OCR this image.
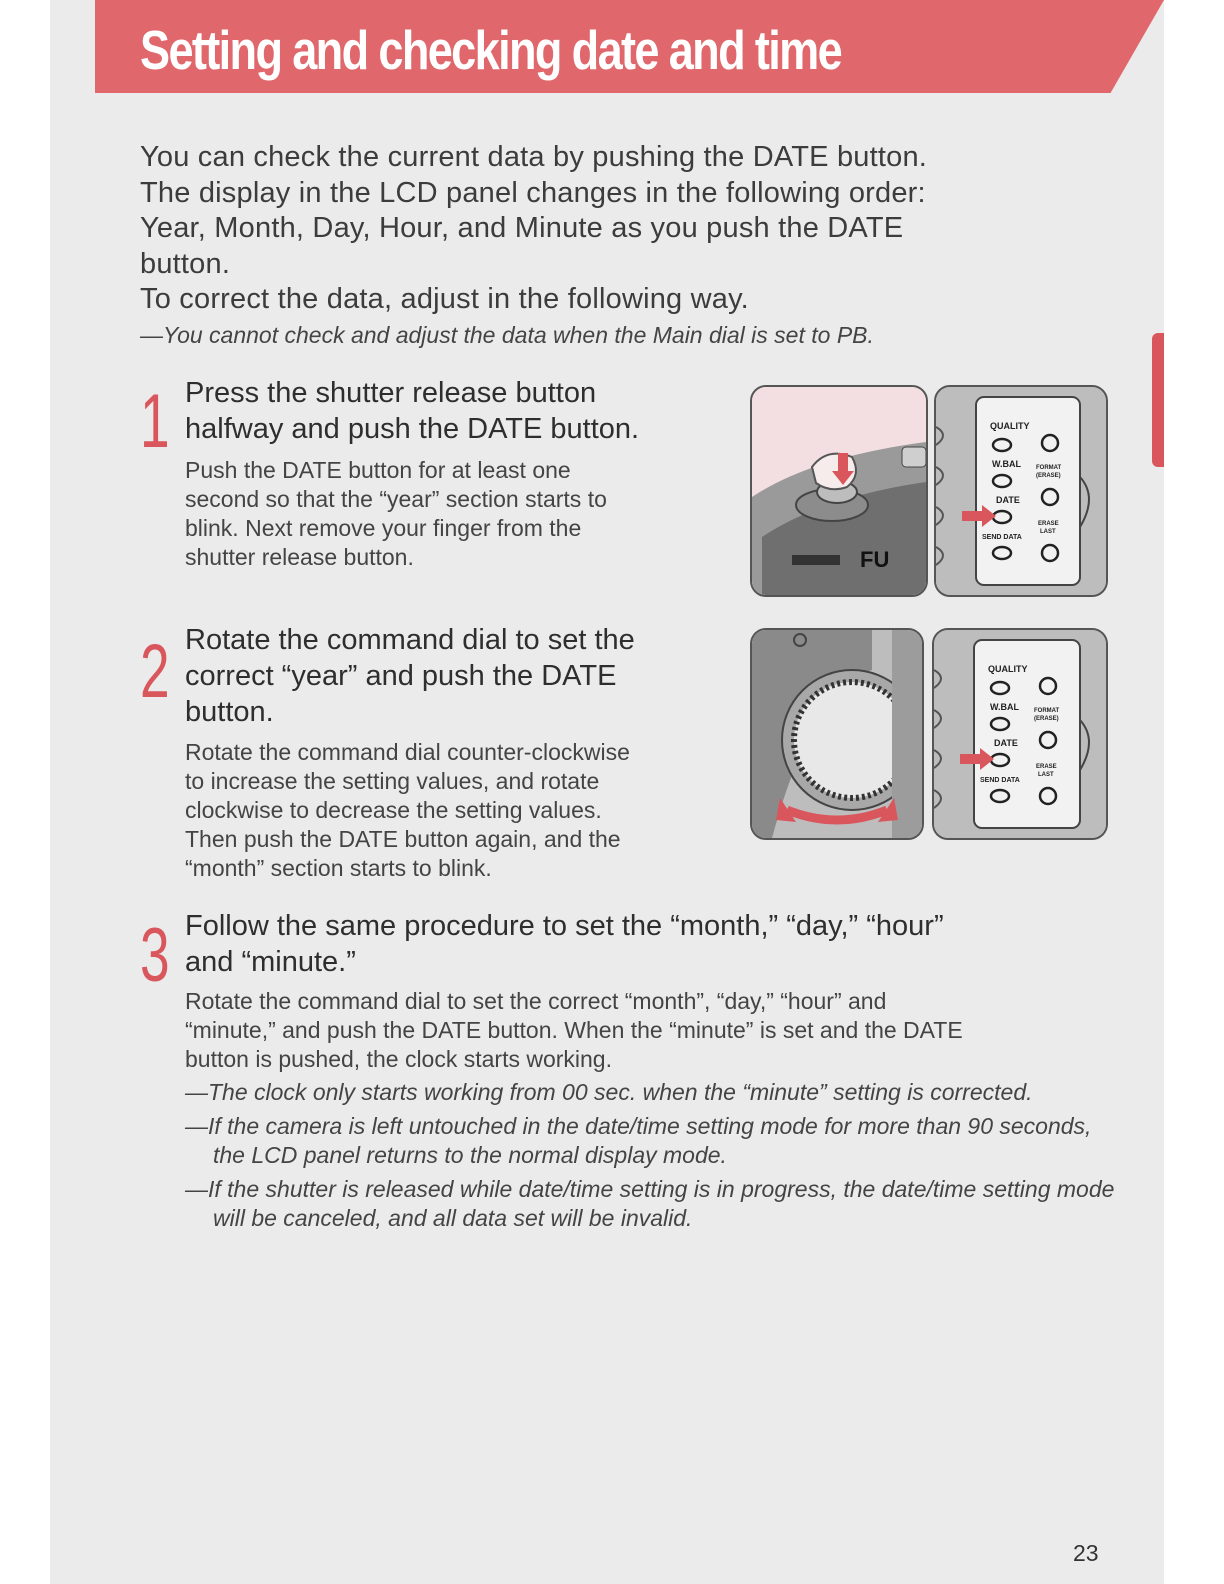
Setting and checking date and time

You can check the current data by pushing the DATE button.

The display in the LCD panel changes in the following order:

Year, Month, Day, Hour, and Minute as you push the DATE

button.

To correct the data, adjust in the following way.

—You cannot check and adjust the data when the Main dial is set to PB.

1 Press the shutter release button
halfway and push the DATE button.

Push the DATE button for at least one
second so that the “year” section starts to
blink. Next remove your finger from the
shutter release button.	FU
QUALITY
W.BAL
DATE
SEND DATA
FORMAT
(ERASE)
ERASE
LAST
2 Rotate the command dial to set the
correct “year” and push the DATE
button.

Rotate the command dial counter-clockwise
to increase the setting values, and rotate
clockwise to decrease the setting values.
Then push the DATE button again, and the
“month” section starts to blink.

QUALITY
W.BAL
DATE
SEND DATA
FORMAT
(ERASE)
ERASE
LAST
3 Follow the same procedure to set the “month,” “day,” “hour”
and “minute.”

Rotate the command dial to set the correct “month”, “day,” “hour” and
“minute,” and push the DATE button. When the “minute” is set and the DATE
button is pushed, the clock starts working.

—The clock only starts working from 00 sec. when the “minute” setting is corrected.
—If the camera is left untouched in the date/time setting mode for more than 90 seconds, the LCD panel returns to the normal display mode.
—If the shutter is released while date/time setting is in progress, the date/time setting mode will be canceled, and all data set will be invalid.
23
